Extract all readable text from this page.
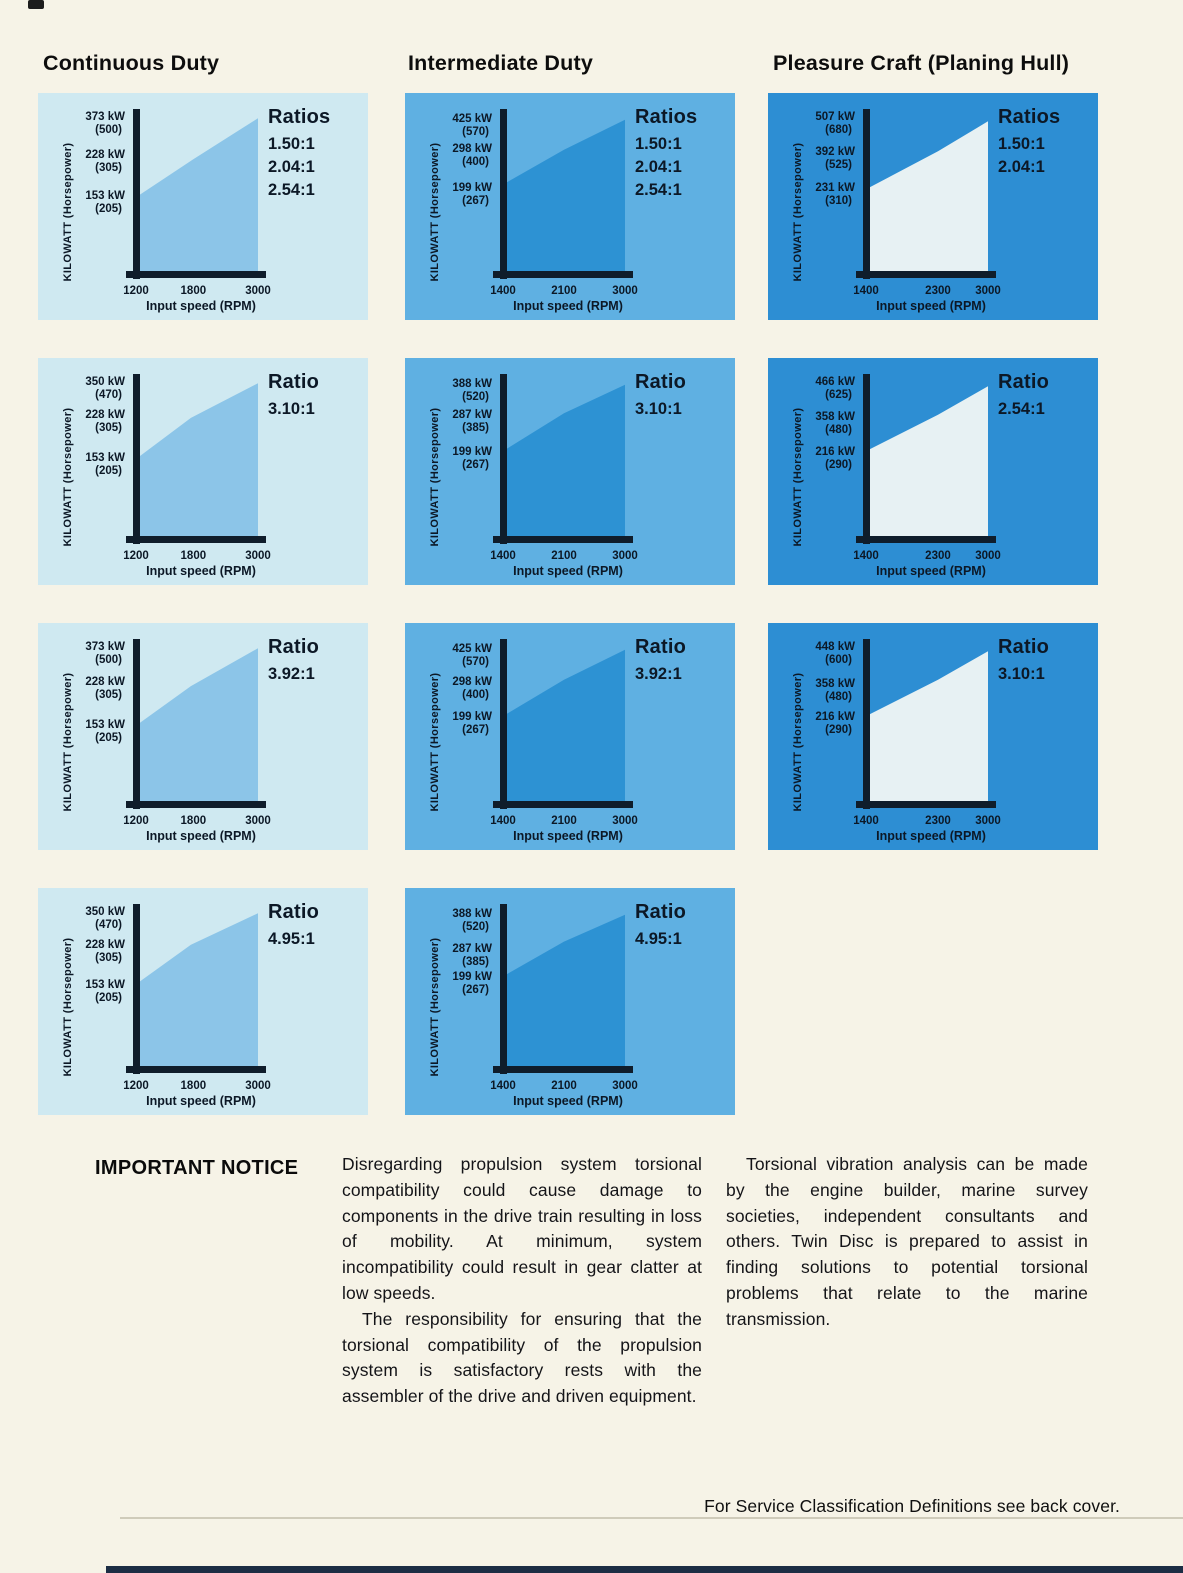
Continuous Duty	Intermediate Duty	Pleasure Craft (Planing Hull)
KILOWATT (Horsepower)
Ratios
1.50:1
2.04:1
2.54:1
Input speed (RPM)
373 kW
(500)
228 kW
(305)
153 kW
(205)
1200	1800	3000
KILOWATT (Horsepower)
Ratios
1.50:1
2.04:1
2.54:1
Input speed (RPM)
425 kW
(570)
298 kW
(400)
199 kW
(267)
1400	2100	3000
KILOWATT (Horsepower)
Ratios
1.50:1
2.04:1
Input speed (RPM)
507 kW
(680)
392 kW
(525)
231 kW
(310)
1400	2300	3000
KILOWATT (Horsepower)
Ratio
3.10:1
Input speed (RPM)
350 kW
(470)
228 kW
(305)
153 kW
(205)
1200	1800	3000
KILOWATT (Horsepower)
Ratio
3.10:1
Input speed (RPM)
388 kW
(520)
287 kW
(385)
199 kW
(267)
1400	2100	3000
KILOWATT (Horsepower)
Ratio
2.54:1
Input speed (RPM)
466 kW
(625)
358 kW
(480)
216 kW
(290)
1400	2300	3000
KILOWATT (Horsepower)
Ratio
3.92:1
Input speed (RPM)
373 kW
(500)
228 kW
(305)
153 kW
(205)
1200	1800	3000
KILOWATT (Horsepower)
Ratio
3.92:1
Input speed (RPM)
425 kW
(570)
298 kW
(400)
199 kW
(267)
1400	2100	3000
KILOWATT (Horsepower)
Ratio
3.10:1
Input speed (RPM)
448 kW
(600)
358 kW
(480)
216 kW
(290)
1400	2300	3000
KILOWATT (Horsepower)
Ratio
4.95:1
Input speed (RPM)
350 kW
(470)
228 kW
(305)
153 kW
(205)
1200	1800	3000
KILOWATT (Horsepower)
Ratio
4.95:1
Input speed (RPM)
388 kW
(520)
287 kW
(385)
199 kW
(267)
1400	2100	3000
IMPORTANT NOTICE Disregarding propulsion system torsional compatibility could cause damage to components in the drive train resulting in loss of mobility. At minimum, system incompatibility could result in gear clatter at low speeds.

The responsibility for ensuring that the torsional compatibility of the propulsion system is satisfactory rests with the assembler of the drive and driven equipment.

Torsional vibration analysis can be made by the engine builder, marine survey societies, independent consultants and others. Twin Disc is prepared to assist in finding solutions to potential torsional problems that relate to the marine transmission.

For Service Classification Definitions see back cover.
